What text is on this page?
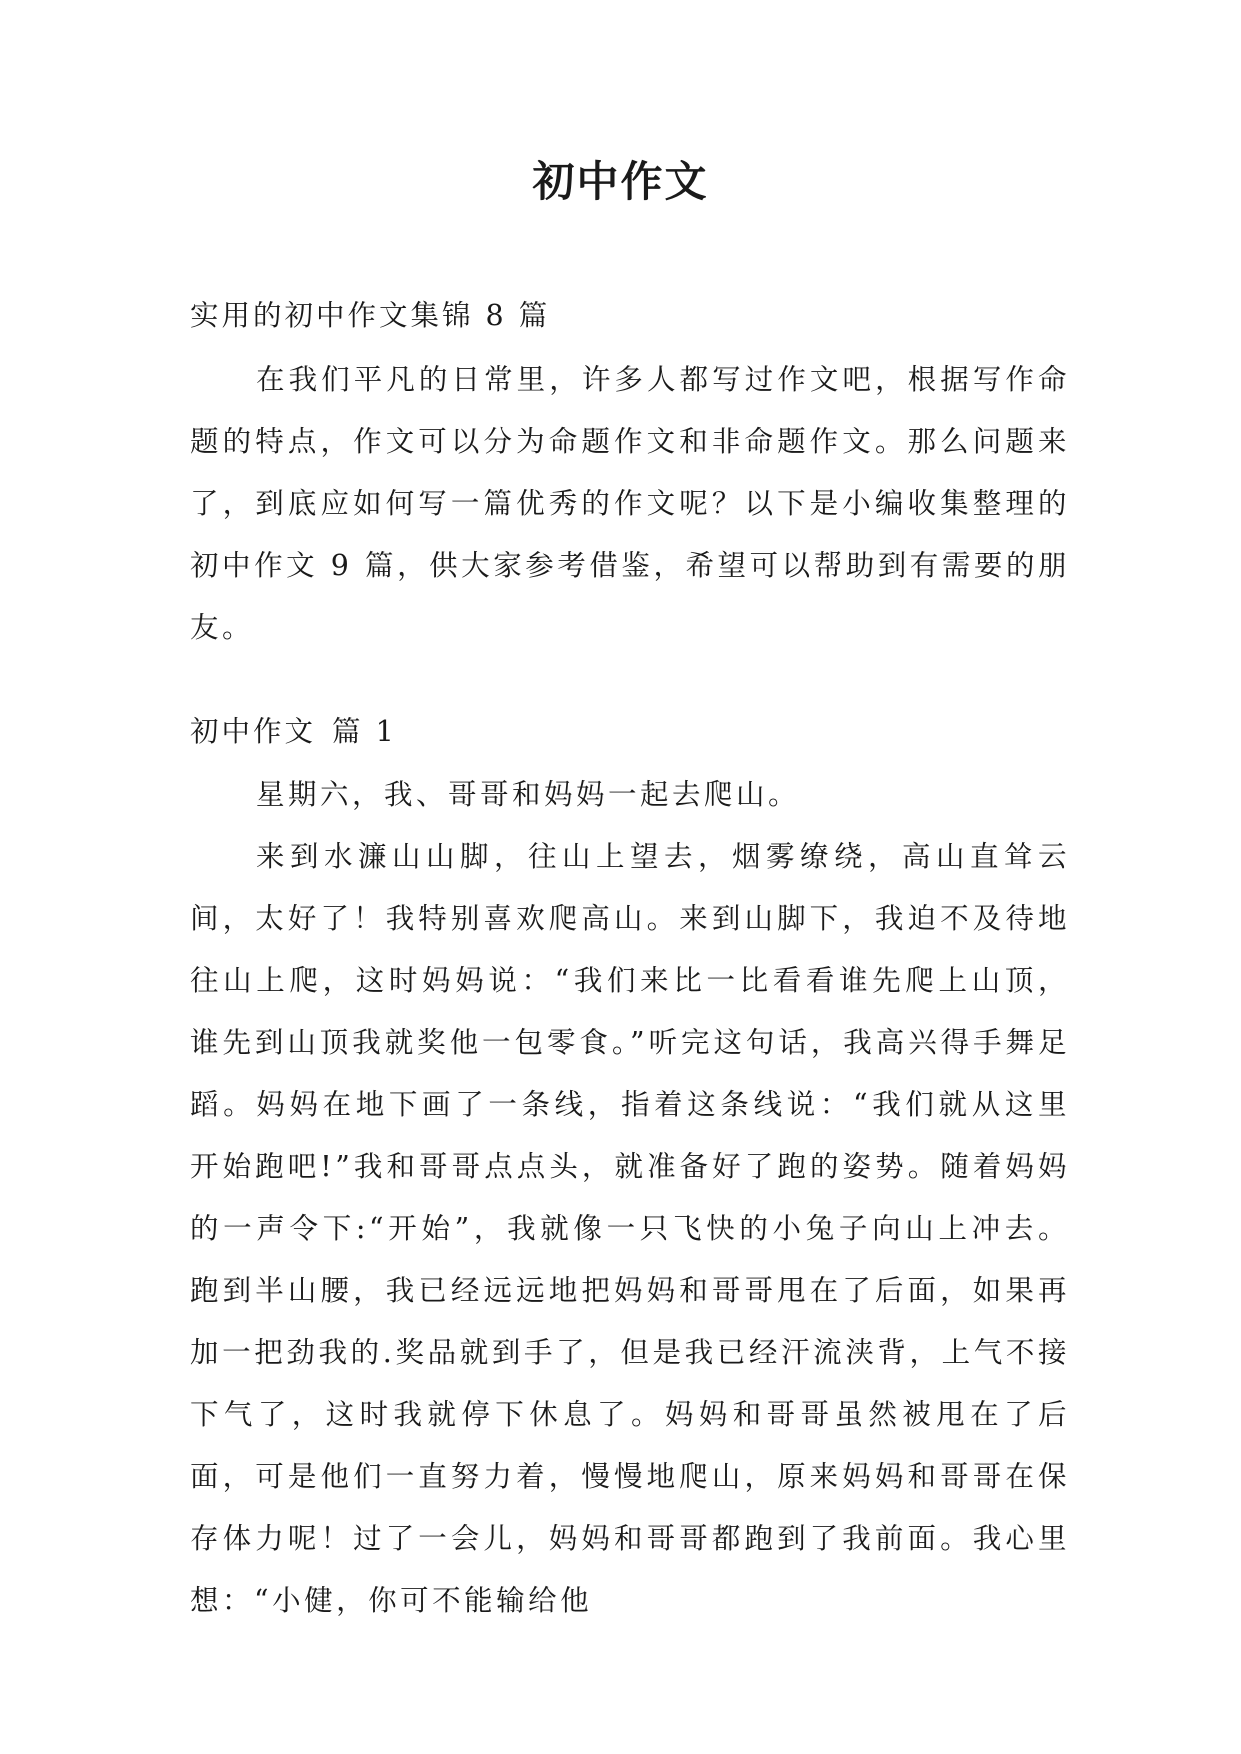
初中作文

实用的初中作文集锦 8 篇

在我们平凡的日常里，许多人都写过作文吧，根据写作命题的特点，作文可以分为命题作文和非命题作文。那么问题来了，到底应如何写一篇优秀的作文呢？以下是小编收集整理的初中作文 9 篇，供大家参考借鉴，希望可以帮助到有需要的朋友。

初中作文 篇 1

星期六，我、哥哥和妈妈一起去爬山。

来到水濂山山脚，往山上望去，烟雾缭绕，高山直耸云间，太好了！我特别喜欢爬高山。来到山脚下，我迫不及待地往山上爬，这时妈妈说：“我们来比一比看看谁先爬上山顶，谁先到山顶我就奖他一包零食。”听完这句话，我高兴得手舞足蹈。妈妈在地下画了一条线，指着这条线说：“我们就从这里开始跑吧!”我和哥哥点点头，就准备好了跑的姿势。随着妈妈的一声令下:“开始”，我就像一只飞快的小兔子向山上冲去。跑到半山腰，我已经远远地把妈妈和哥哥甩在了后面，如果再加一把劲我的.奖品就到手了，但是我已经汗流浃背，上气不接下气了，这时我就停下休息了。妈妈和哥哥虽然被甩在了后面，可是他们一直努力着，慢慢地爬山，原来妈妈和哥哥在保存体力呢！过了一会儿，妈妈和哥哥都跑到了我前面。我心里想：“小健，你可不能输给他
